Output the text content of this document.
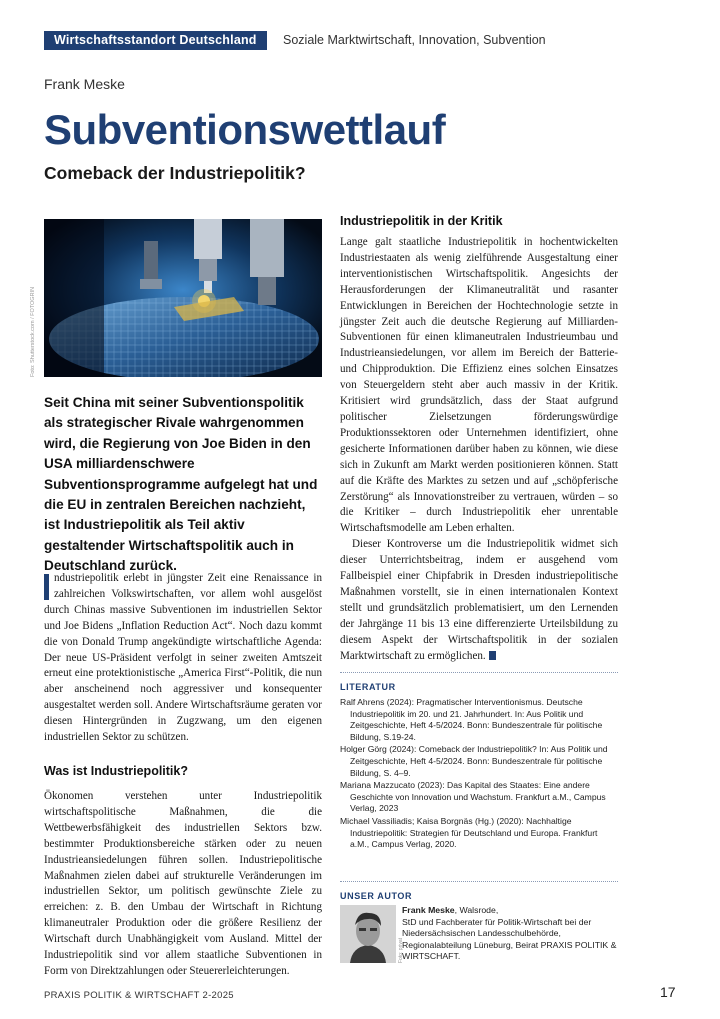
Wirtschaftsstandort Deutschland	Soziale Marktwirtschaft, Innovation, Subvention
Frank Meske
Subventionswettlauf
Comeback der Industriepolitik?
Foto: Shutterstock.com / FOTOGRIN
Seit China mit seiner Subventionspolitik als strategischer Rivale wahrgenommen wird, die Regierung von Joe Biden in den USA milliardenschwere Subventionsprogramme aufgelegt hat und die EU in zentralen Bereichen nachzieht, ist Industriepolitik als Teil aktiv gestaltender Wirtschaftspolitik auch in Deutschland zurück.
ndustriepolitik erlebt in jüngster Zeit eine Renaissance in zahlreichen Volkswirtschaften, vor allem wohl ausgelöst durch Chinas massive Subventionen im industriellen Sektor und Joe Bidens „Inflation Reduction Act“. Noch dazu kommt die von Donald Trump angekündigte wirtschaftliche Agenda: Der neue US-Präsident verfolgt in seiner zweiten Amtszeit erneut eine protektionistische „America First“-Politik, die nun aber anscheinend noch aggressiver und konsequenter ausgestaltet werden soll. Andere Wirtschaftsräume geraten vor diesen Hintergründen in Zugzwang, um den eigenen industriellen Sektor zu schützen.
Was ist Industriepolitik?
Ökonomen verstehen unter Industriepolitik wirtschaftspolitische Maßnahmen, die die Wettbewerbsfähigkeit des industriellen Sektors bzw. bestimmter Produktionsbereiche stärken oder zu neuen Industrieansiedelungen führen sollen. Industriepolitische Maßnahmen zielen dabei auf strukturelle Veränderungen im industriellen Sektor, um politisch gewünschte Ziele zu erreichen: z. B. den Umbau der Wirtschaft in Richtung klimaneutraler Produktion oder die größere Resilienz der Wirtschaft durch Unabhängigkeit vom Ausland. Mittel der Industriepolitik sind vor allem staatliche Subventionen in Form von Direktzahlungen oder Steuererleichterungen.
Industriepolitik in der Kritik

Lange galt staatliche Industriepolitik in hochentwickelten Industriestaaten als wenig zielführende Ausgestaltung einer interventionistischen Wirtschaftspolitik. Angesichts der Herausforderungen der Klimaneutralität und rasanter Entwicklungen in Bereichen der Hochtechnologie setzte in jüngster Zeit auch die deutsche Regierung auf Milliarden-Subventionen für einen klimaneutralen Industrieumbau und Industrieansiedelungen, vor allem im Bereich der Batterie- und Chipproduktion. Die Effizienz eines solchen Einsatzes von Steuergeldern steht aber auch massiv in der Kritik. Kritisiert wird grundsätzlich, dass der Staat aufgrund politischer Zielsetzungen förderungswürdige Produktionssektoren oder Unternehmen identifiziert, ohne gesicherte Informationen darüber haben zu können, wie diese sich in Zukunft am Markt werden positionieren können. Statt auf die Kräfte des Marktes zu setzen und auf „schöpferische Zerstörung“ als Innovationstreiber zu vertrauen, würden – so die Kritiker – durch Industriepolitik eher unrentable Wirtschaftsmodelle am Leben erhalten.

Dieser Kontroverse um die Industriepolitik widmet sich dieser Unterrichtsbeitrag, indem er ausgehend vom Fallbeispiel einer Chipfabrik in Dresden industriepolitische Maßnahmen vorstellt, sie in einen internationalen Kontext stellt und grundsätzlich problematisiert, um den Lernenden der Jahrgänge 11 bis 13 eine differenzierte Urteilsbildung zu diesem Aspekt der Wirtschaftspolitik in der sozialen Marktwirtschaft zu ermöglichen.

LITERATUR
Ralf Ahrens (2024): Pragmatischer Interventionismus. Deutsche Industriepolitik im 20. und 21. Jahrhundert. In: Aus Politik und Zeitgeschichte, Heft 4-5/2024. Bonn: Bundeszentrale für politische Bildung, S.19-24.
Holger Görg (2024): Comeback der Industriepolitik? In: Aus Politik und Zeitgeschichte, Heft 4-5/2024. Bonn: Bundeszentrale für politische Bildung, S. 4–9.
Mariana Mazzucato (2023): Das Kapital des Staates: Eine andere Geschichte von Innovation und Wachstum. Frankfurt a.M., Campus Verlag, 2023
Michael Vassiliadis; Kaisa Borgnäs (Hg.) (2020): Nachhaltige Industriepolitik: Strategien für Deutschland und Europa. Frankfurt a.M., Campus Verlag, 2020.
UNSER AUTOR
Foto: privat
Frank Meske, Walsrode,
StD und Fachberater für Politik-Wirtschaft bei der Niedersächsischen Landesschulbehörde, Regionalabteilung Lüneburg, Beirat PRAXIS POLITIK & WIRTSCHAFT.
PRAXIS POLITIK & WIRTSCHAFT 2-2025	17
